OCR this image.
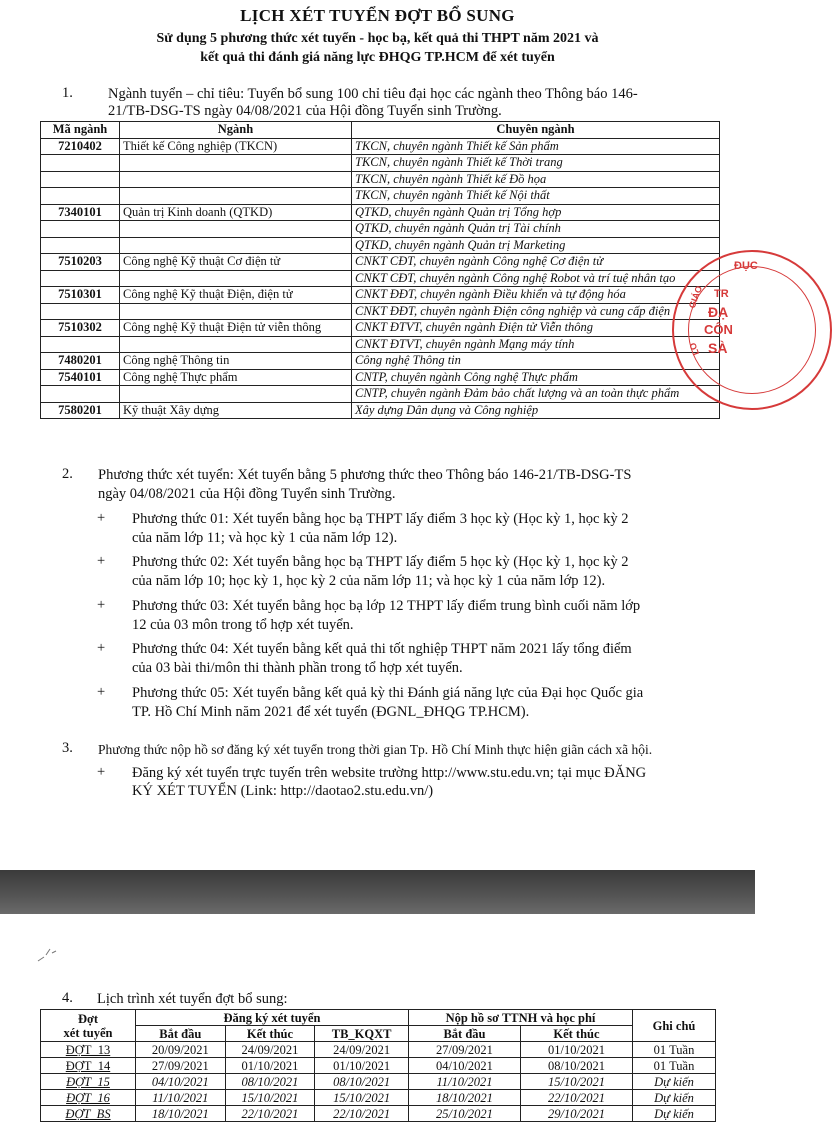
LỊCH XÉT TUYỂN ĐỢT BỔ SUNG
Sử dụng 5 phương thức xét tuyển - học bạ, kết quả thi THPT năm 2021 và
kết quả thi đánh giá năng lực ĐHQG TP.HCM để xét tuyển
1. Ngành tuyển – chỉ tiêu: Tuyển bổ sung 100 chỉ tiêu đại học các ngành theo Thông báo 146-
21/TB-DSG-TS ngày 04/08/2021 của Hội đồng Tuyển sinh Trường.
Mã ngành	Ngành	Chuyên ngành
7210402	Thiết kế Công nghiệp (TKCN)	TKCN, chuyên ngành Thiết kế Sản phẩm
		TKCN, chuyên ngành Thiết kế Thời trang
		TKCN, chuyên ngành Thiết kế Đồ họa
		TKCN, chuyên ngành Thiết kế Nội thất
7340101	Quản trị Kinh doanh (QTKD)	QTKD, chuyên ngành Quản trị Tổng hợp
		QTKD, chuyên ngành Quản trị Tài chính
		QTKD, chuyên ngành Quản trị Marketing
7510203	Công nghệ Kỹ thuật Cơ điện tử	CNKT CĐT, chuyên ngành Công nghệ Cơ điện tử
		CNKT CĐT, chuyên ngành Công nghệ Robot và trí tuệ nhân tạo
7510301	Công nghệ Kỹ thuật Điện, điện tử	CNKT ĐĐT, chuyên ngành Điều khiển và tự động hóa
		CNKT ĐĐT, chuyên ngành Điện công nghiệp và cung cấp điện
7510302	Công nghệ Kỹ thuật Điện tử viễn thông	CNKT ĐTVT, chuyên ngành Điện tử Viễn thông
		CNKT ĐTVT, chuyên ngành Mạng máy tính
7480201	Công nghệ Thông tin	Công nghệ Thông tin
7540101	Công nghệ Thực phẩm	CNTP, chuyên ngành Công nghệ Thực phẩm
		CNTP, chuyên ngành Đảm bảo chất lượng và an toàn thực phẩm
7580201	Kỹ thuật Xây dựng	Xây dựng Dân dụng và Công nghiệp
ĐỤC
TR
ĐẠ
CÔN
SÀ
GIÁO
LO
2. Phương thức xét tuyển: Xét tuyển bằng 5 phương thức theo Thông báo 146-21/TB-DSG-TS
ngày 04/08/2021 của Hội đồng Tuyển sinh Trường.
+ Phương thức 01: Xét tuyển bằng học bạ THPT lấy điểm 3 học kỳ (Học kỳ 1, học kỳ 2
của năm lớp 11; và học kỳ 1 của năm lớp 12).
+ Phương thức 02: Xét tuyển bằng học bạ THPT lấy điểm 5 học kỳ (Học kỳ 1, học kỳ 2
của năm lớp 10; học kỳ 1, học kỳ 2 của năm lớp 11; và học kỳ 1 của năm lớp 12).
+ Phương thức 03: Xét tuyển bằng học bạ lớp 12 THPT lấy điểm trung bình cuối năm lớp
12 của 03 môn trong tổ hợp xét tuyển.
+ Phương thức 04: Xét tuyển bằng kết quả thi tốt nghiệp THPT năm 2021 lấy tổng điểm
của 03 bài thi/môn thi thành phần trong tổ hợp xét tuyển.
+ Phương thức 05: Xét tuyển bằng kết quả kỳ thi Đánh giá năng lực của Đại học Quốc gia
TP. Hồ Chí Minh năm 2021 để xét tuyển (ĐGNL_ĐHQG TP.HCM).
3. Phương thức nộp hồ sơ đăng ký xét tuyển trong thời gian Tp. Hồ Chí Minh thực hiện giãn cách xã hội.
+ Đăng ký xét tuyển trực tuyến trên website trường http://www.stu.edu.vn; tại mục ĐĂNG
KÝ XÉT TUYỂN (Link: http://daotao2.stu.edu.vn/)
4. Lịch trình xét tuyển đợt bổ sung:
Đợt
xét tuyển	Đăng ký xét tuyển			Nộp hồ sơ TTNH và học phí		Ghi chú
	Bắt đầu	Kết thúc	TB_KQXT	Bắt đầu	Kết thúc	
ĐỢT_13	20/09/2021	24/09/2021	24/09/2021	27/09/2021	01/10/2021	01 Tuần
ĐỢT_14	27/09/2021	01/10/2021	01/10/2021	04/10/2021	08/10/2021	01 Tuần
ĐỢT_15	04/10/2021	08/10/2021	08/10/2021	11/10/2021	15/10/2021	Dự kiến
ĐỢT_16	11/10/2021	15/10/2021	15/10/2021	18/10/2021	22/10/2021	Dự kiến
ĐỢT_BS	18/10/2021	22/10/2021	22/10/2021	25/10/2021	29/10/2021	Dự kiến
